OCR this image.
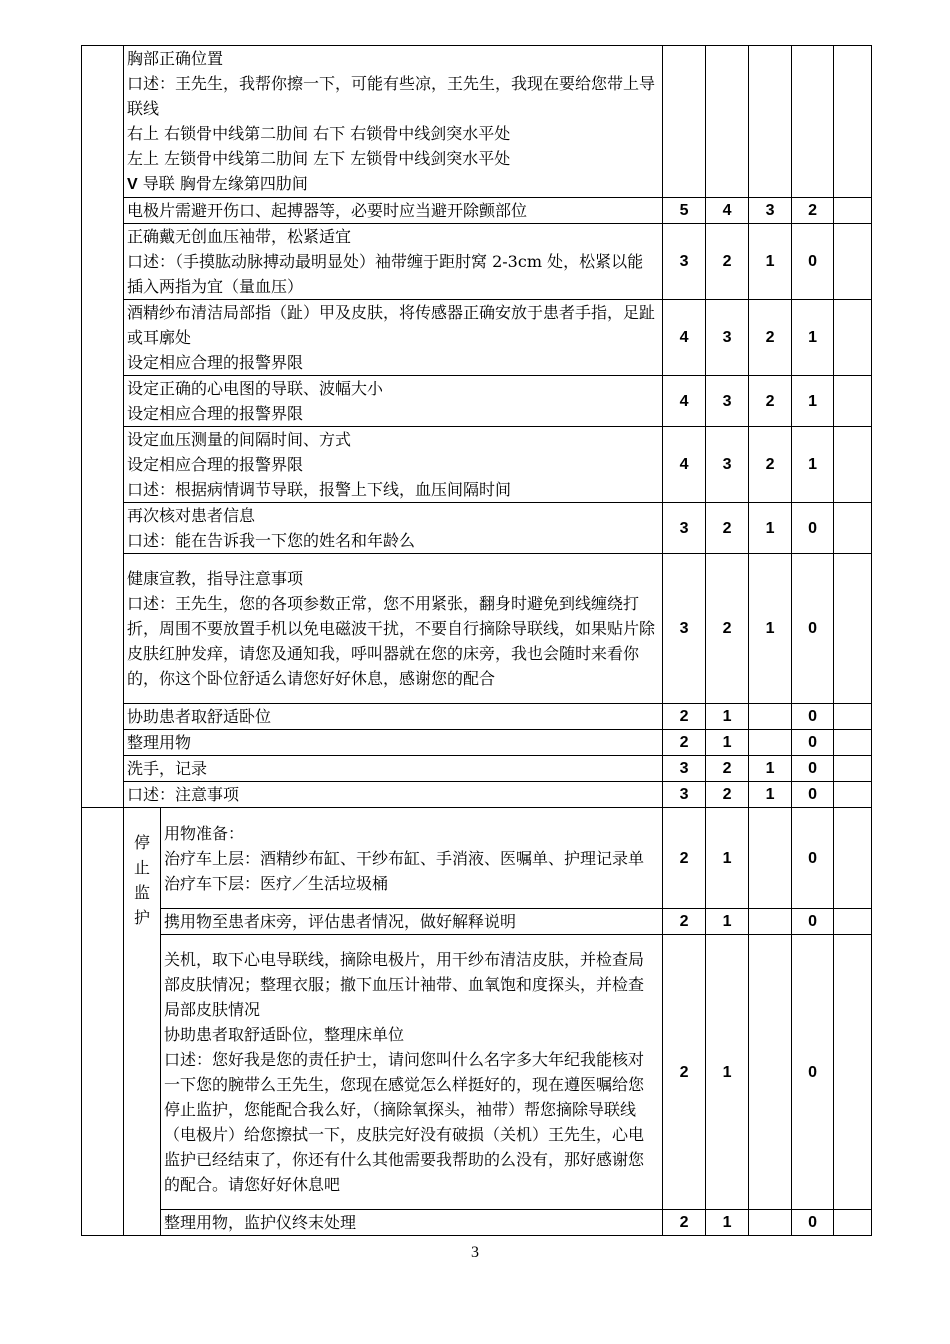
	胸部正确位置
口述：王先生，我帮你擦一下，可能有些凉，王先生，我现在要给您带上导联线
右上 右锁骨中线第二肋间 右下 右锁骨中线剑突水平处
左上 左锁骨中线第二肋间 左下 左锁骨中线剑突水平处
V 导联 胸骨左缘第四肋间						
	电极片需避开伤口、起搏器等，必要时应当避开除颤部位		5	4	3	2	
	正确戴无创血压袖带，松紧适宜
口述：（手摸肱动脉搏动最明显处）袖带缠于距肘窝 2-3cm 处，松紧以能插入两指为宜（量血压）		3	2	1	0	
	酒精纱布清洁局部指（趾）甲及皮肤，将传感器正确安放于患者手指，足趾或耳廓处
设定相应合理的报警界限		4	3	2	1	
	设定正确的心电图的导联、波幅大小
设定相应合理的报警界限		4	3	2	1	
	设定血压测量的间隔时间、方式
设定相应合理的报警界限
口述：根据病情调节导联，报警上下线，血压间隔时间		4	3	2	1	
	再次核对患者信息
口述：能在告诉我一下您的姓名和年龄么		3	2	1	0	
	健康宣教，指导注意事项
口述：王先生，您的各项参数正常，您不用紧张，翻身时避免到线缠绕打折，周围不要放置手机以免电磁波干扰，不要自行摘除导联线，如果贴片除皮肤红肿发痒，请您及通知我，呼叫器就在您的床旁，我也会随时来看你的，你这个卧位舒适么请您好好休息，感谢您的配合		3	2	1	0	
	协助患者取舒适卧位		2	1		0	
	整理用物		2	1		0	
	洗手，记录		3	2	1	0	
	口述：注意事项		3	2	1	0	

	停
止
监
护	用物准备：
治疗车上层：酒精纱布缸、干纱布缸、手消液、医嘱单、护理记录单
治疗车下层：医疗／生活垃圾桶	2	1		0	
		携用物至患者床旁，评估患者情况，做好解释说明	2	1		0	
		关机，取下心电导联线，摘除电极片，用干纱布清洁皮肤，并检查局部皮肤情况；整理衣服；撤下血压计袖带、血氧饱和度探头，并检查局部皮肤情况
协助患者取舒适卧位，整理床单位
口述：您好我是您的责任护士，请问您叫什么名字多大年纪我能核对一下您的腕带么王先生，您现在感觉怎么样挺好的，现在遵医嘱给您停止监护，您能配合我么好，（摘除氧探头，袖带）帮您摘除导联线（电极片）给您擦拭一下，皮肤完好没有破损（关机）王先生，心电监护已经结束了，你还有什么其他需要我帮助的么没有，那好感谢您的配合。请您好好休息吧	2	1		0	
		整理用物，监护仪终末处理	2	1		0	
3
